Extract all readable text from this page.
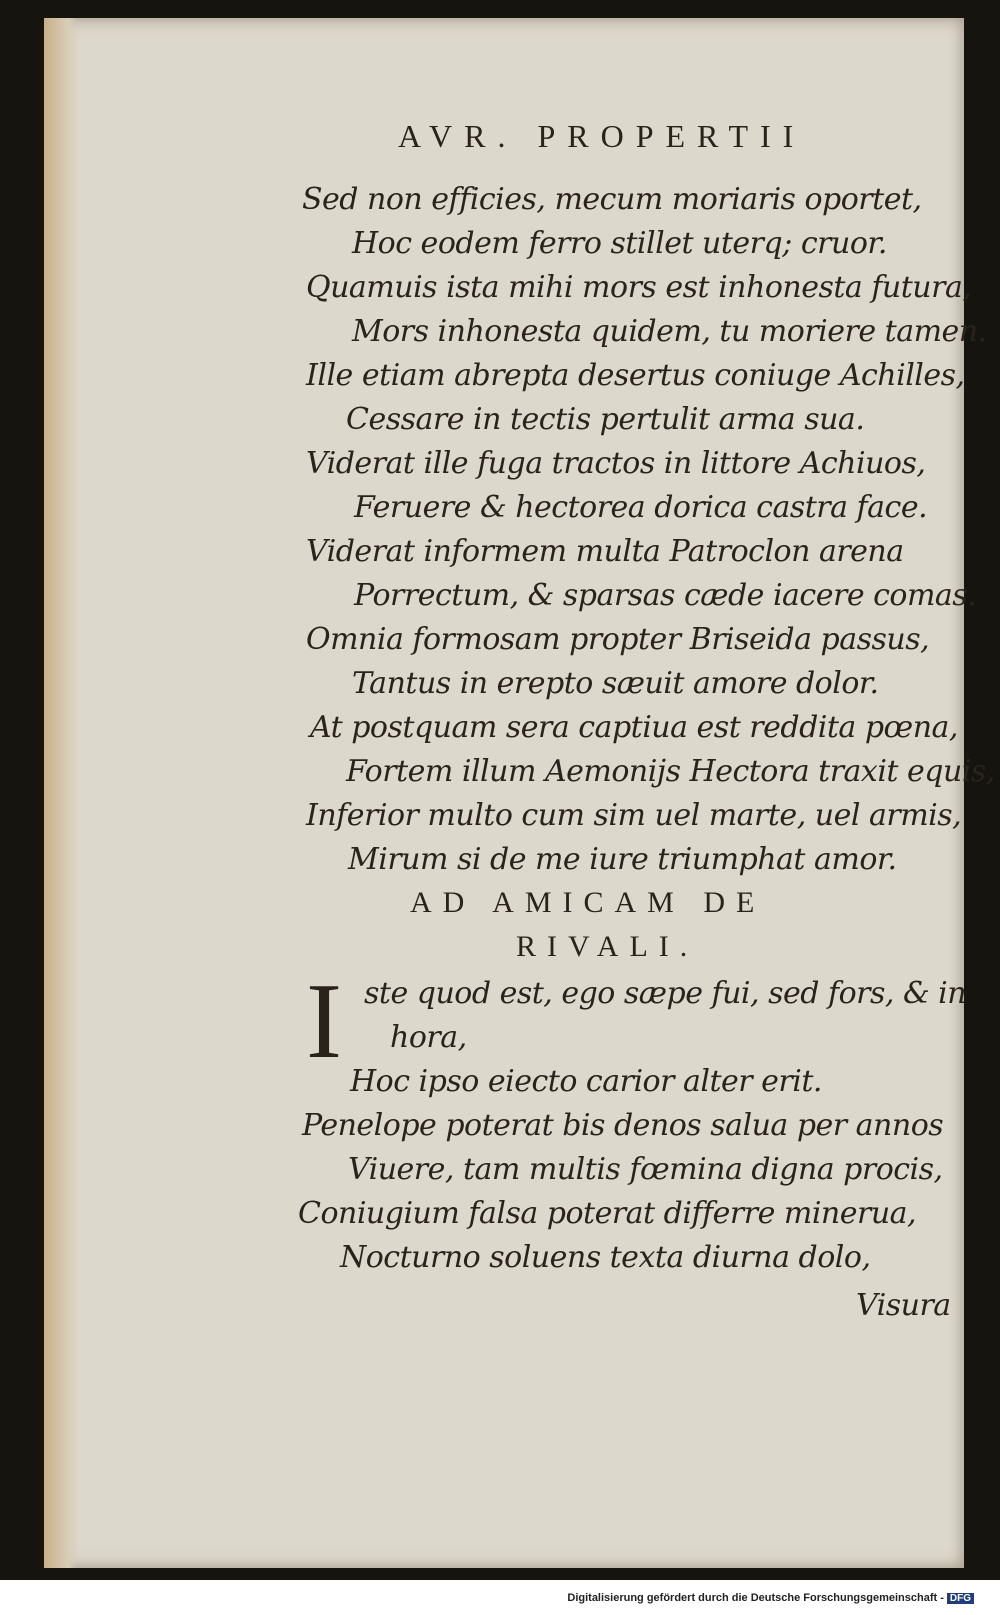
AVR. PROPERTII
Sed non efficies, mecum moriaris oportet,
Hoc eodem ferro stillet uterq; cruor.
Quamuis ista mihi mors est inhonesta futura,
Mors inhonesta quidem, tu moriere tamen.
Ille etiam abrepta desertus coniuge Achilles,
Cessare in tectis pertulit arma sua.
Viderat ille fuga tractos in littore Achiuos,
Feruere & hectorea dorica castra face.
Viderat informem multa Patroclon arena
Porrectum, & sparsas cæde iacere comas.
Omnia formosam propter Briseida passus,
Tantus in erepto sæuit amore dolor.
At postquam sera captiua est reddita pœna,
Fortem illum Aemonijs Hectora traxit equis,
Inferior multo cum sim uel marte, uel armis,
Mirum si de me iure triumphat amor.
AD AMICAM DE
RIVALI.
I ste quod est, ego sæpe fui, sed fors, & in
hora,
Hoc ipso eiecto carior alter erit.
Penelope poterat bis denos salua per annos
Viuere, tam multis fœmina digna procis,
Coniugium falsa poterat differre mineruа,
Nocturno soluens texta diurna dolo,
Visura
Digitalisierung gefördert durch die Deutsche Forschungsgemeinschaft - DFG
